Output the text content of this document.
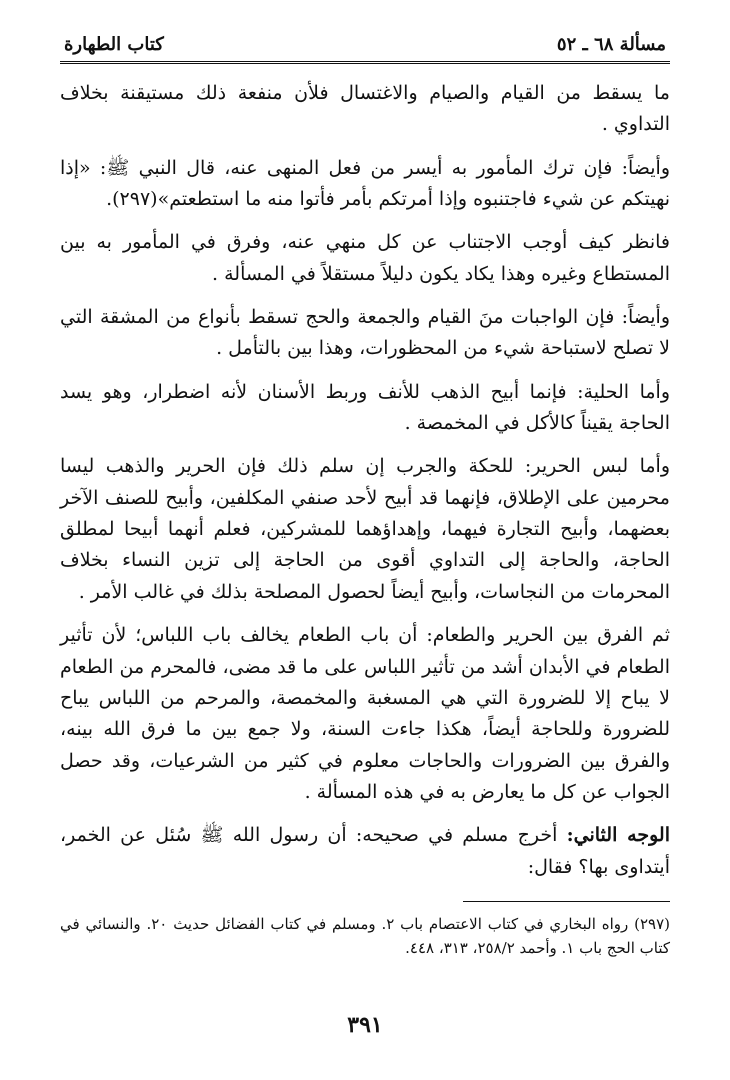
مسألة ٦٨ ـ ٥٢
كتاب الطهارة

ما يسقط من القيام والصيام والاغتسال فلأن منفعة ذلك مستيقنة بخلاف التداوي .

وأيضاً: فإن ترك المأمور به أيسر من فعل المنهى عنه، قال النبي ﷺ: «إذا نهيتكم عن شيء فاجتنبوه وإذا أمرتكم بأمر فأتوا منه ما استطعتم»(٢٩٧).

فانظر كيف أوجب الاجتناب عن كل منهي عنه، وفرق في المأمور به بين المستطاع وغيره وهذا يكاد يكون دليلاً مستقلاً في المسألة .

وأيضاً: فإن الواجبات منَ القيام والجمعة والحج تسقط بأنواع من المشقة التي لا تصلح لاستباحة شيء من المحظورات، وهذا بين بالتأمل .

وأما الحلية: فإنما أبيح الذهب للأنف وربط الأسنان لأنه اضطرار، وهو يسد الحاجة يقيناً كالأكل في المخمصة .

وأما لبس الحرير: للحكة والجرب إن سلم ذلك فإن الحرير والذهب ليسا محرمين على الإطلاق، فإنهما قد أبيح لأحد صنفي المكلفين، وأبيح للصنف الآخر بعضهما، وأبيح التجارة فيهما، وإهداؤهما للمشركين، فعلم أنهما أبيحا لمطلق الحاجة، والحاجة إلى التداوي أقوى من الحاجة إلى تزين النساء بخلاف المحرمات من النجاسات، وأبيح أيضاً لحصول المصلحة بذلك في غالب الأمر .

ثم الفرق بين الحرير والطعام: أن باب الطعام يخالف باب اللباس؛ لأن تأثير الطعام في الأبدان أشد من تأثير اللباس على ما قد مضى، فالمحرم من الطعام لا يباح إلا للضرورة التي هي المسغبة والمخمصة، والمرحم من اللباس يباح للضرورة وللحاجة أيضاً، هكذا جاءت السنة، ولا جمع بين ما فرق الله بينه، والفرق بين الضرورات والحاجات معلوم في كثير من الشرعيات، وقد حصل الجواب عن كل ما يعارض به في هذه المسألة .

الوجه الثاني: أخرج مسلم في صحيحه: أن رسول الله ﷺ سُئل عن الخمر، أيتداوى بها؟ فقال:

(٢٩٧) رواه البخاري في كتاب الاعتصام باب ٢. ومسلم في كتاب الفضائل حديث ٢٠. والنسائي في كتاب الحج باب ١. وأحمد ٢٥٨/٢، ٣١٣، ٤٤٨.
٣٩١
